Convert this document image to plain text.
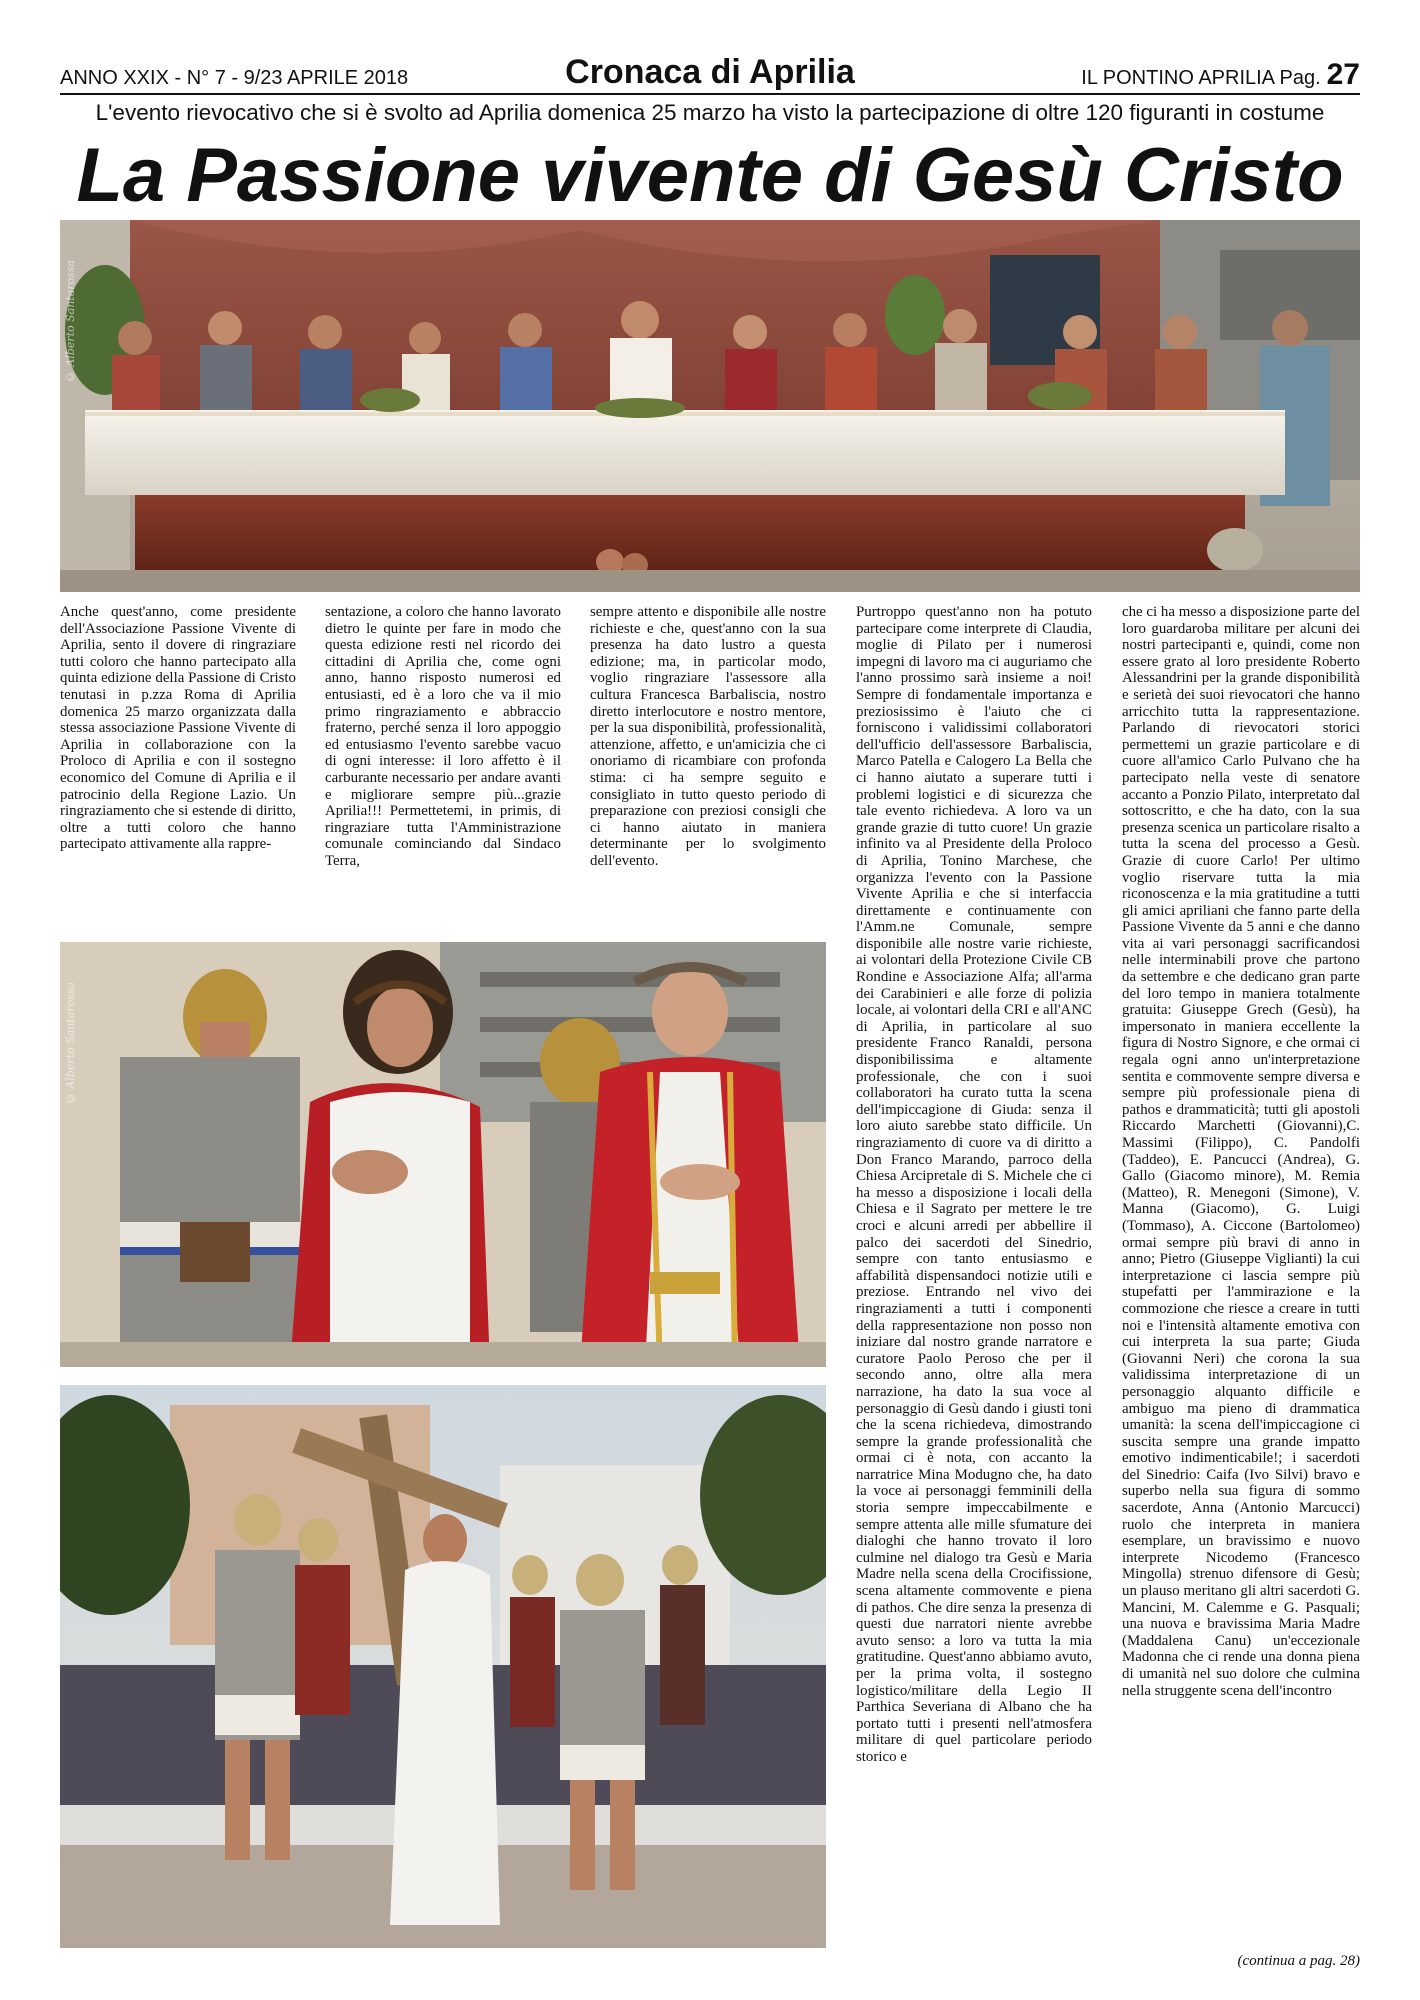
ANNO XXIX - N° 7 - 9/23 APRILE 2018	Cronaca di Aprilia	IL PONTINO APRILIA Pag. 27
L'evento rievocativo che si è svolto ad Aprilia domenica 25 marzo ha visto la partecipazione di oltre 120 figuranti in costume
La Passione vivente di Gesù Cristo
© Alberto Santarossa

Anche quest'anno, come presidente dell'Associazione Passione Vivente di Aprilia, sento il dovere di ringraziare tutti coloro che hanno partecipato alla quinta edizione della Passione di Cristo tenutasi in p.zza Roma di Aprilia domenica 25 marzo organizzata dalla stessa associazione Passione Vivente di Aprilia in collaborazione con la Proloco di Aprilia e con il sostegno economico del Comune di Aprilia e il patrocinio della Regione Lazio. Un ringraziamento che si estende di diritto, oltre a tutti coloro che hanno partecipato attivamente alla rappre-

sentazione, a coloro che hanno lavorato dietro le quinte per fare in modo che questa edizione resti nel ricordo dei cittadini di Aprilia che, come ogni anno, hanno risposto numerosi ed entusiasti, ed è a loro che va il mio primo ringraziamento e abbraccio fraterno, perché senza il loro appoggio ed entusiasmo l'evento sarebbe vacuo di ogni interesse: il loro affetto è il carburante necessario per andare avanti e migliorare sempre più...grazie Aprilia!!! Permettetemi, in primis, di ringraziare tutta l'Amministrazione comunale cominciando dal Sindaco Terra,

sempre attento e disponibile alle nostre richieste e che, quest'anno con la sua presenza ha dato lustro a questa edizione; ma, in particolar modo, voglio ringraziare l'assessore alla cultura Francesca Barbaliscia, nostro diretto interlocutore e nostro mentore, per la sua disponibilità, professionalità, attenzione, affetto, e un'amicizia che ci onoriamo di ricambiare con profonda stima: ci ha sempre seguito e consigliato in tutto questo periodo di preparazione con preziosi consigli che ci hanno aiutato in maniera determinante per lo svolgimento dell'evento.

Purtroppo quest'anno non ha potuto partecipare come interprete di Claudia, moglie di Pilato per i numerosi impegni di lavoro ma ci auguriamo che l'anno prossimo sarà insieme a noi! Sempre di fondamentale importanza e preziosissimo è l'aiuto che ci forniscono i validissimi collaboratori dell'ufficio dell'assessore Barbaliscia, Marco Patella e Calogero La Bella che ci hanno aiutato a superare tutti i problemi logistici e di sicurezza che tale evento richiedeva. A loro va un grande grazie di tutto cuore! Un grazie infinito va al Presidente della Proloco di Aprilia, Tonino Marchese, che organizza l'evento con la Passione Vivente Aprilia e che si interfaccia direttamente e continuamente con l'Amm.ne Comunale, sempre disponibile alle nostre varie richieste, ai volontari della Protezione Civile CB Rondine e Associazione Alfa; all'arma dei Carabinieri e alle forze di polizia locale, ai volontari della CRI e all'ANC di Aprilia, in particolare al suo presidente Franco Ranaldi, persona disponibilissima e altamente professionale, che con i suoi collaboratori ha curato tutta la scena dell'impiccagione di Giuda: senza il loro aiuto sarebbe stato difficile. Un ringraziamento di cuore va di diritto a Don Franco Marando, parroco della Chiesa Arcipretale di S. Michele che ci ha messo a disposizione i locali della Chiesa e il Sagrato per mettere le tre croci e alcuni arredi per abbellire il palco dei sacerdoti del Sinedrio, sempre con tanto entusiasmo e affabilità dispensandoci notizie utili e preziose. Entrando nel vivo dei ringraziamenti a tutti i componenti della rappresentazione non posso non iniziare dal nostro grande narratore e curatore Paolo Peroso che per il secondo anno, oltre alla mera narrazione, ha dato la sua voce al personaggio di Gesù dando i giusti toni che la scena richiedeva, dimostrando sempre la grande professionalità che ormai ci è nota, con accanto la narratrice Mina Modugno che, ha dato la voce ai personaggi femminili della storia sempre impeccabilmente e sempre attenta alle mille sfumature dei dialoghi che hanno trovato il loro culmine nel dialogo tra Gesù e Maria Madre nella scena della Crocifissione, scena altamente commovente e piena di pathos. Che dire senza la presenza di questi due narratori niente avrebbe avuto senso: a loro va tutta la mia gratitudine. Quest'anno abbiamo avuto, per la prima volta, il sostegno logistico/militare della Legio II Parthica Severiana di Albano che ha portato tutti i presenti nell'atmosfera militare di quel particolare periodo storico e

che ci ha messo a disposizione parte del loro guardaroba militare per alcuni dei nostri partecipanti e, quindi, come non essere grato al loro presidente Roberto Alessandrini per la grande disponibilità e serietà dei suoi rievocatori che hanno arricchito tutta la rappresentazione. Parlando di rievocatori storici permettemi un grazie particolare e di cuore all'amico Carlo Pulvano che ha partecipato nella veste di senatore accanto a Ponzio Pilato, interpretato dal sottoscritto, e che ha dato, con la sua presenza scenica un particolare risalto a tutta la scena del processo a Gesù. Grazie di cuore Carlo! Per ultimo voglio riservare tutta la mia riconoscenza e la mia gratitudine a tutti gli amici apriliani che fanno parte della Passione Vivente da 5 anni e che danno vita ai vari personaggi sacrificandosi nelle interminabili prove che partono da settembre e che dedicano gran parte del loro tempo in maniera totalmente gratuita: Giuseppe Grech (Gesù), ha impersonato in maniera eccellente la figura di Nostro Signore, e che ormai ci regala ogni anno un'interpretazione sentita e commovente sempre diversa e sempre più professionale piena di pathos e drammaticità; tutti gli apostoli Riccardo Marchetti (Giovanni),C. Massimi (Filippo), C. Pandolfi (Taddeo), E. Pancucci (Andrea), G. Gallo (Giacomo minore), M. Remia (Matteo), R. Menegoni (Simone), V. Manna (Giacomo), G. Luigi (Tommaso), A. Ciccone (Bartolomeo) ormai sempre più bravi di anno in anno; Pietro (Giuseppe Viglianti) la cui interpretazione ci lascia sempre più stupefatti per l'ammirazione e la commozione che riesce a creare in tutti noi e l'intensità altamente emotiva con cui interpreta la sua parte; Giuda (Giovanni Neri) che corona la sua validissima interpretazione di un personaggio alquanto difficile e ambiguo ma pieno di drammatica umanità: la scena dell'impiccagione ci suscita sempre una grande impatto emotivo indimenticabile!; i sacerdoti del Sinedrio: Caifa (Ivo Silvi) bravo e superbo nella sua figura di sommo sacerdote, Anna (Antonio Marcucci) ruolo che interpreta in maniera esemplare, un bravissimo e nuovo interprete Nicodemo (Francesco Mingolla) strenuo difensore di Gesù; un plauso meritano gli altri sacerdoti G. Mancini, M. Calemme e G. Pasquali; una nuova e bravissima Maria Madre (Maddalena Canu) un'eccezionale Madonna che ci rende una donna piena di umanità nel suo dolore che culmina nella struggente scena dell'incontro

© Alberto Santarossa
(continua a pag. 28)
